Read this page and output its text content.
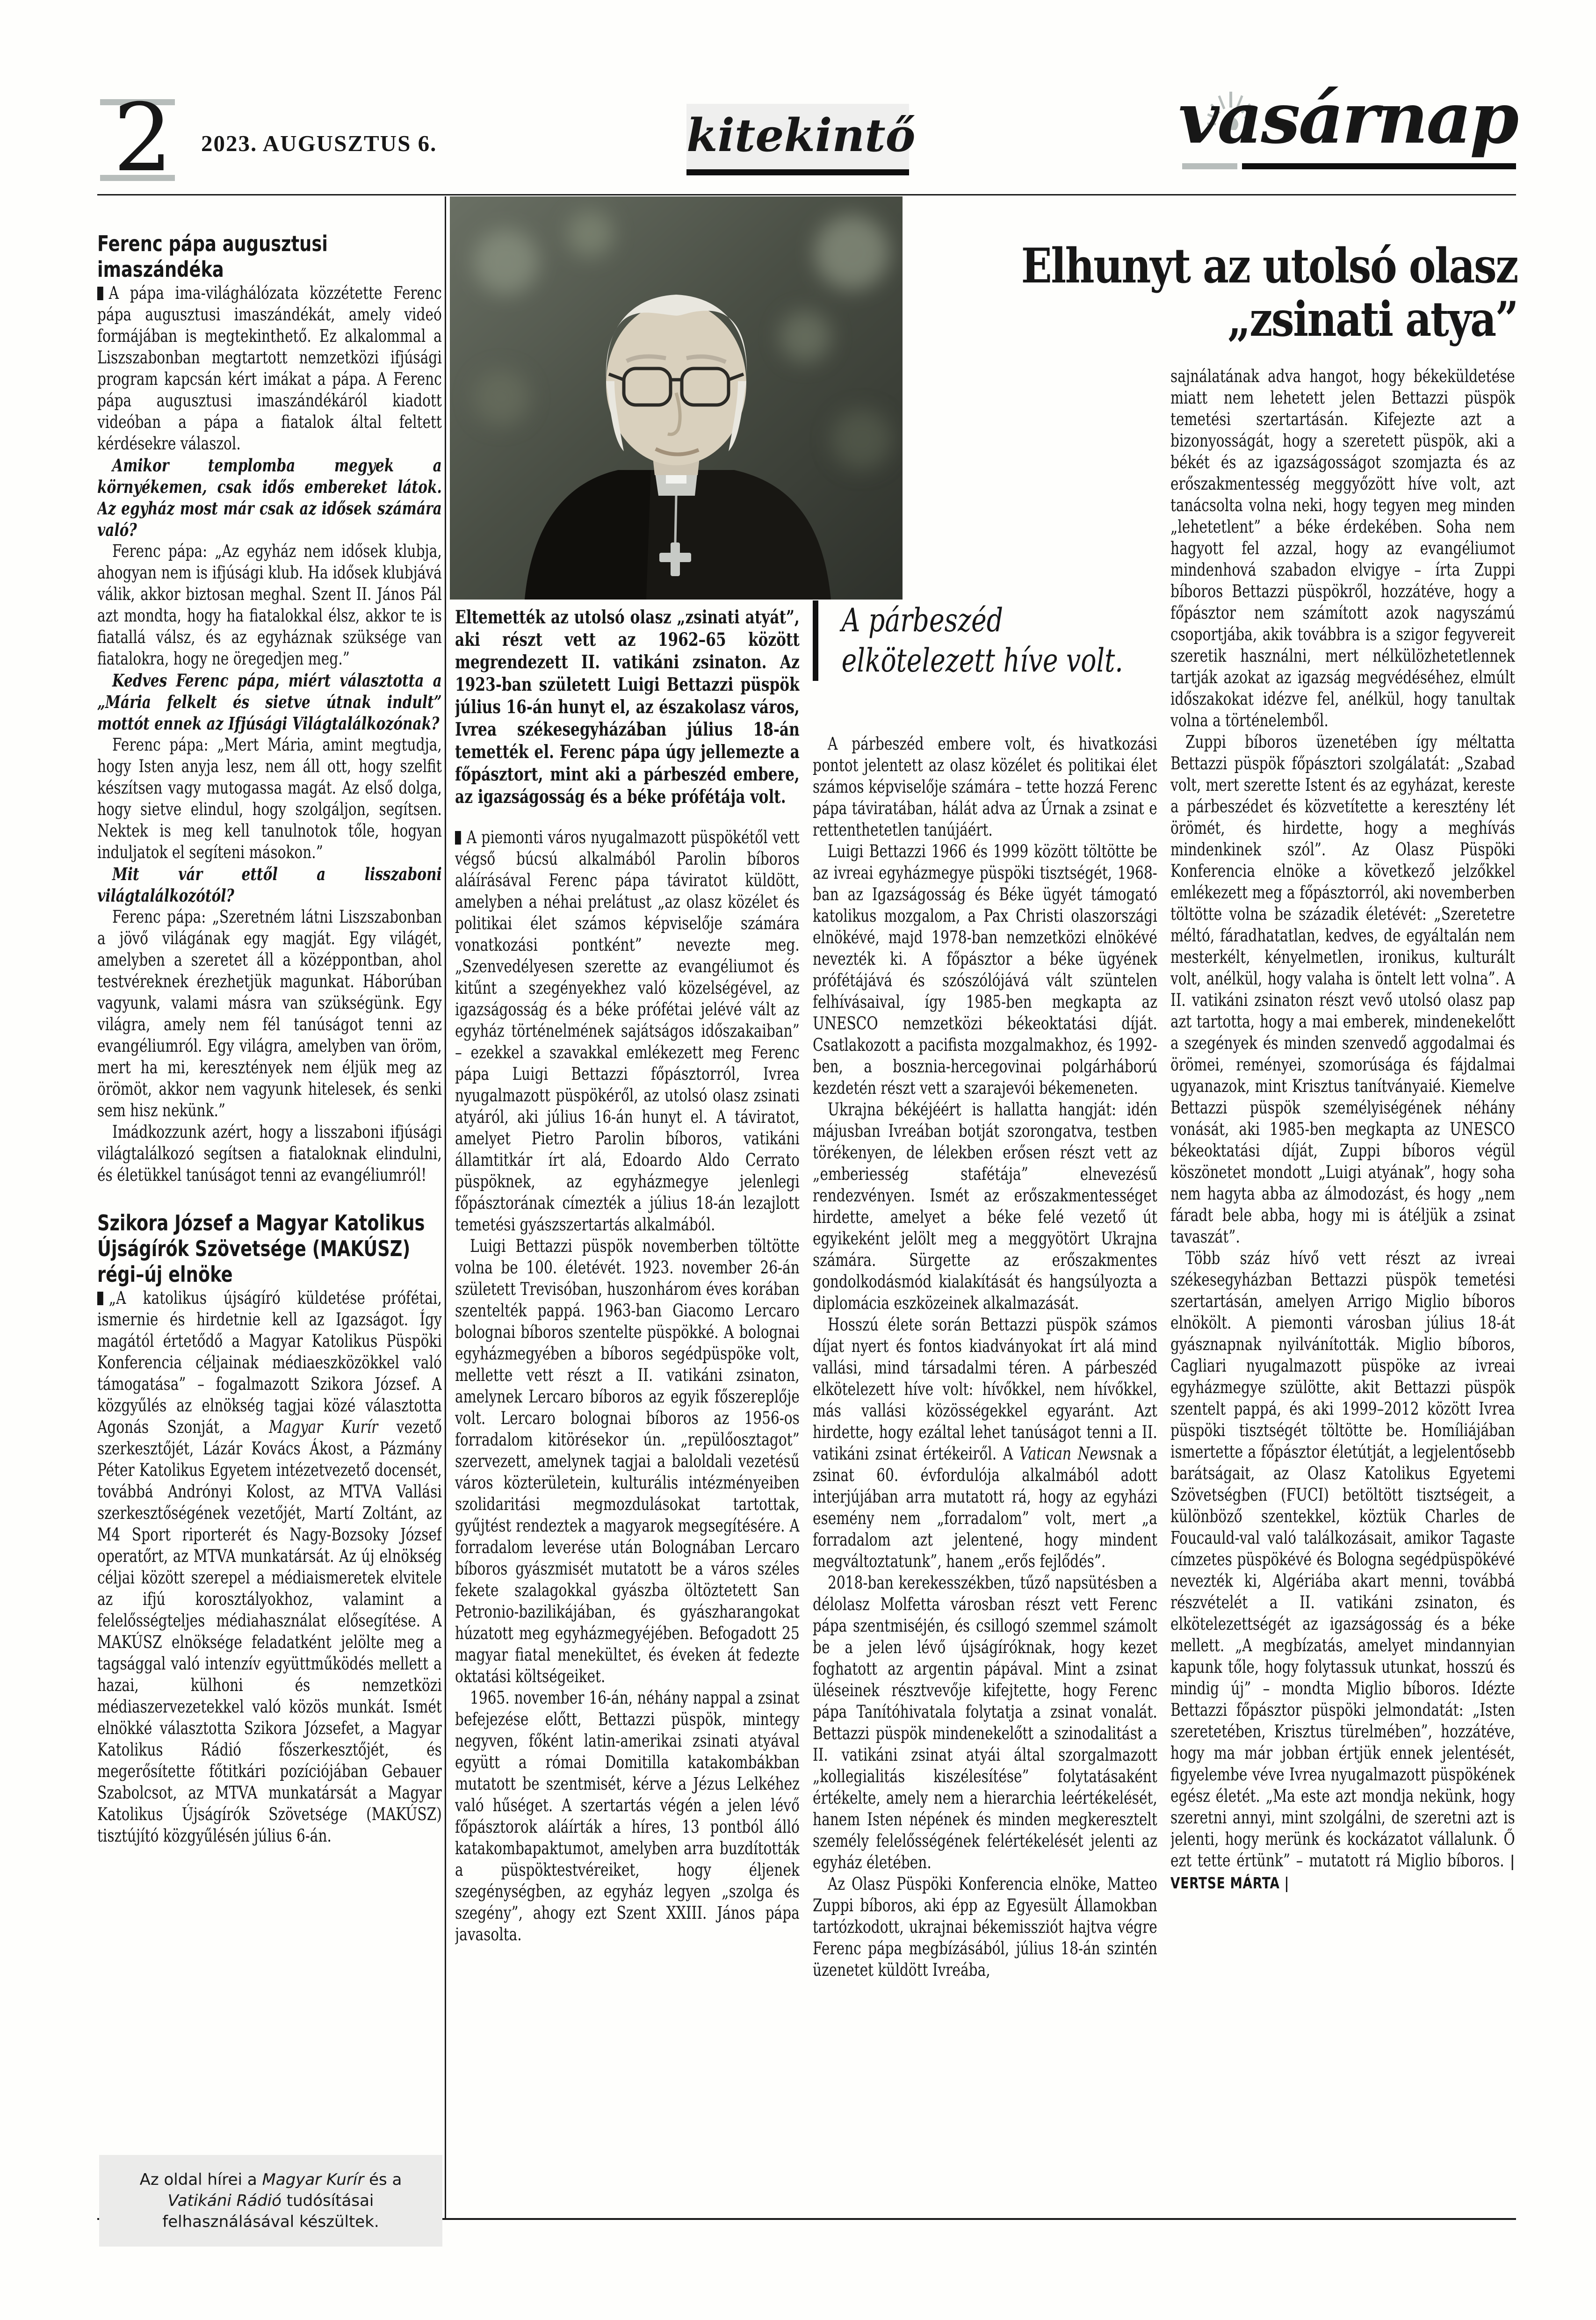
2 2023. AUGUSZTUS 6.	kitekintő	vasárnap
Elhunyt az utolsó olasz
„zsinati atya”

Ferenc pápa augusztusi imaszándéka

A pápa ima-világhálózata közzétette Ferenc pápa augusztusi imaszándékát, amely videó formájában is megtekinthető. Ez alkalommal a Liszszabonban megtartott nemzetközi ifjúsági program kapcsán kért imákat a pápa. A Ferenc pápa augusztusi imaszándékáról kiadott videóban a pápa a fiatalok által feltett kérdésekre válaszol.

Amikor templomba megyek a környékemen, csak idős embereket látok. Az egyház most már csak az idősek számára való?

Ferenc pápa: „Az egyház nem idősek klubja, ahogyan nem is ifjúsági klub. Ha idősek klubjává válik, akkor biztosan meghal. Szent II. János Pál azt mondta, hogy ha fiatalokkal élsz, akkor te is fiatallá válsz, és az egyháznak szüksége van fiatalokra, hogy ne öregedjen meg.”

Kedves Ferenc pápa, miért választotta a „Mária felkelt és sietve útnak indult” mottót ennek az Ifjúsági Világtalálkozónak?

Ferenc pápa: „Mert Mária, amint megtudja, hogy Isten anyja lesz, nem áll ott, hogy szelfit készítsen vagy mutogassa magát. Az első dolga, hogy sietve elindul, hogy szolgáljon, segítsen. Nektek is meg kell tanulnotok tőle, hogyan induljatok el segíteni másokon.”

Mit vár ettől a lisszaboni világtalálkozótól?

Ferenc pápa: „Szeretném látni Liszszabonban a jövő világának egy magját. Egy világét, amelyben a szeretet áll a középpontban, ahol testvéreknek érezhetjük magunkat. Háborúban vagyunk, valami másra van szükségünk. Egy világra, amely nem fél tanúságot tenni az evangéliumról. Egy világra, amelyben van öröm, mert ha mi, keresztények nem éljük meg az örömöt, akkor nem vagyunk hitelesek, és senki sem hisz nekünk.”

Imádkozzunk azért, hogy a lisszaboni ifjúsági világtalálkozó segítsen a fiataloknak elindulni, és életükkel tanúságot tenni az evangéliumról!

Szikora József a Magyar Katolikus Újságírók Szövetsége (MAKÚSZ) régi–új elnöke

„A katolikus újságíró küldetése prófétai, ismernie és hirdetnie kell az Igazságot. Így magától értetődő a Magyar Katolikus Püspöki Konferencia céljainak médiaeszközökkel való támogatása” – fogalmazott Szikora József. A közgyűlés az elnökség tagjai közé választotta Agonás Szonját, a Magyar Kurír vezető szerkesztőjét, Lázár Kovács Ákost, a Pázmány Péter Katolikus Egyetem intézetvezető docensét, továbbá Andrónyi Kolost, az MTVA Vallási szerkesztőségének vezetőjét, Martí Zoltánt, az M4 Sport riporterét és Nagy-Bozsoky József operatőrt, az MTVA munkatársát. Az új elnökség céljai között szerepel a médiaismeretek elvitele az ifjú korosztályokhoz, valamint a felelősségteljes médiahasználat elősegítése. A MAKÚSZ elnöksége feladatként jelölte meg a tagsággal való intenzív együttműködés mellett a hazai, külhoni és nemzetközi médiaszervezetekkel való közös munkát. Ismét elnökké választotta Szikora Józsefet, a Magyar Katolikus Rádió főszerkesztőjét, és megerősítette főtitkári pozíciójában Gebauer Szabolcsot, az MTVA munkatársát a Magyar Katolikus Újságírók Szövetsége (MAKÚSZ) tisztújító közgyűlésén július 6-án.

Az oldal hírei a Magyar Kurír és a Vatikáni Rádió tudósításai felhasználásával készültek.

Eltemették az utolsó olasz „zsinati atyát”, aki részt vett az 1962–65 között megrendezett II. vatikáni zsinaton. Az 1923-ban született Luigi Bettazzi püspök július 16-án hunyt el, az északolasz város, Ivrea székesegyházában július 18-án temették el. Ferenc pápa úgy jellemezte a főpásztort, mint aki a párbeszéd embere, az igazságosság és a béke prófétája volt.

A piemonti város nyugalmazott püspökétől vett végső búcsú alkalmából Parolin bíboros aláírásával Ferenc pápa táviratot küldött, amelyben a néhai prelátust „az olasz közélet és politikai élet számos képviselője számára vonatkozási pontként” nevezte meg. „Szenvedélyesen szerette az evangéliumot és kitűnt a szegényekhez való közelségével, az igazságosság és a béke prófétai jelévé vált az egyház történelmének sajátságos időszakaiban” – ezekkel a szavakkal emlékezett meg Ferenc pápa Luigi Bettazzi főpásztorról, Ivrea nyugalmazott püspökéről, az utolsó olasz zsinati atyáról, aki július 16-án hunyt el. A táviratot, amelyet Pietro Parolin bíboros, vatikáni államtitkár írt alá, Edoardo Aldo Cerrato püspöknek, az egyházmegye jelenlegi főpásztorának címezték a július 18-án lezajlott temetési gyászszertartás alkalmából.

Luigi Bettazzi püspök novemberben töltötte volna be 100. életévét. 1923. november 26-án született Trevisóban, huszonhárom éves korában szentelték pappá. 1963-ban Giacomo Lercaro bolognai bíboros szentelte püspökké. A bolognai egyházmegyében a bíboros segédpüspöke volt, mellette vett részt a II. vatikáni zsinaton, amelynek Lercaro bíboros az egyik főszereplője volt. Lercaro bolognai bíboros az 1956-os forradalom kitörésekor ún. „repülőosztagot” szervezett, amelynek tagjai a baloldali vezetésű város közterületein, kulturális intézményeiben szolidaritási megmozdulásokat tartottak, gyűjtést rendeztek a magyarok megsegítésére. A forradalom leverése után Bolognában Lercaro bíboros gyászmisét mutatott be a város széles fekete szalagokkal gyászba öltöztetett San Petronio-bazilikájában, és gyászharangokat húzatott meg egyházmegyéjében. Befogadott 25 magyar fiatal menekültet, és éveken át fedezte oktatási költségeiket.

1965. november 16-án, néhány nappal a zsinat befejezése előtt, Bettazzi püspök, mintegy negyven, főként latin-amerikai zsinati atyával együtt a római Domitilla katakombákban mutatott be szentmisét, kérve a Jézus Lelkéhez való hűséget. A szertartás végén a jelen lévő főpásztorok aláírták a híres, 13 pontból álló katakombapaktumot, amelyben arra buzdították a püspöktestvéreiket, hogy éljenek szegénységben, az egyház legyen „szolga és szegény”, ahogy ezt Szent XXIII. János pápa javasolta.

A párbeszéd
elkötelezett híve volt.

A párbeszéd embere volt, és hivatkozási pontot jelentett az olasz közélet és politikai élet számos képviselője számára – tette hozzá Ferenc pápa táviratában, hálát adva az Úrnak a zsinat e rettenthetetlen tanújáért.

Luigi Bettazzi 1966 és 1999 között töltötte be az ivreai egyházmegye püspöki tisztségét, 1968-ban az Igazságosság és Béke ügyét támogató katolikus mozgalom, a Pax Christi olaszországi elnökévé, majd 1978-ban nemzetközi elnökévé nevezték ki. A főpásztor a béke ügyének prófétájává és szószólójává vált szüntelen felhívásaival, így 1985-ben megkapta az UNESCO nemzetközi békeoktatási díját. Csatlakozott a pacifista mozgalmakhoz, és 1992-ben, a bosznia-hercegovinai polgárháború kezdetén részt vett a szarajevói békemeneten.

Ukrajna békéjéért is hallatta hangját: idén májusban Ivreában botját szorongatva, testben törékenyen, de lélekben erősen részt vett az „emberiesség stafétája” elnevezésű rendezvényen. Ismét az erőszakmentességet hirdette, amelyet a béke felé vezető út egyikeként jelölt meg a meggyötört Ukrajna számára. Sürgette az erőszakmentes gondolkodásmód kialakítását és hangsúlyozta a diplomácia eszközeinek alkalmazását.

Hosszú élete során Bettazzi püspök számos díjat nyert és fontos kiadványokat írt alá mind vallási, mind társadalmi téren. A párbeszéd elkötelezett híve volt: hívőkkel, nem hívőkkel, más vallási közösségekkel egyaránt. Azt hirdette, hogy ezáltal lehet tanúságot tenni a II. vatikáni zsinat értékeiről. A Vatican Newsnak a zsinat 60. évfordulója alkalmából adott interjújában arra mutatott rá, hogy az egyházi esemény nem „forradalom” volt, mert „a forradalom azt jelentené, hogy mindent megváltoztatunk”, hanem „erős fejlődés”.

2018-ban kerekesszékben, tűző napsütésben a délolasz Molfetta városban részt vett Ferenc pápa szentmiséjén, és csillogó szemmel számolt be a jelen lévő újságíróknak, hogy kezet foghatott az argentin pápával. Mint a zsinat üléseinek résztvevője kifejtette, hogy Ferenc pápa Tanítóhivatala folytatja a zsinat vonalát. Bettazzi püspök mindenekelőtt a szinodalitást a II. vatikáni zsinat atyái által szorgalmazott „kollegialitás kiszélesítése” folytatásaként értékelte, amely nem a hierarchia leértékelését, hanem Isten népének és minden megkeresztelt személy felelősségének felértékelését jelenti az egyház életében.

Az Olasz Püspöki Konferencia elnöke, Matteo Zuppi bíboros, aki épp az Egyesült Államokban tartózkodott, ukrajnai békemissziót hajtva végre Ferenc pápa megbízásából, július 18-án szintén üzenetet küldött Ivreába,

sajnálatának adva hangot, hogy békeküldetése miatt nem lehetett jelen Bettazzi püspök temetési szertartásán. Kifejezte azt a bizonyosságát, hogy a szeretett püspök, aki a békét és az igazságosságot szomjazta és az erőszakmentesség meggyőzött híve volt, azt tanácsolta volna neki, hogy tegyen meg minden „lehetetlent” a béke érdekében. Soha nem hagyott fel azzal, hogy az evangéliumot mindenhová szabadon elvigye – írta Zuppi bíboros Bettazzi püspökről, hozzátéve, hogy a főpásztor nem számított azok nagyszámú csoportjába, akik továbbra is a szigor fegyvereit szeretik használni, mert nélkülözhetetlennek tartják azokat az igazság megvédéséhez, elmúlt időszakokat idézve fel, anélkül, hogy tanultak volna a történelemből.

Zuppi bíboros üzenetében így méltatta Bettazzi püspök főpásztori szolgálatát: „Szabad volt, mert szerette Istent és az egyházat, kereste a párbeszédet és közvetítette a keresztény lét örömét, és hirdette, hogy a meghívás mindenkinek szól”. Az Olasz Püspöki Konferencia elnöke a következő jelzőkkel emlékezett meg a főpásztorról, aki novemberben töltötte volna be századik életévét: „Szeretetre méltó, fáradhatatlan, kedves, de egyáltalán nem mesterkélt, kényelmetlen, ironikus, kulturált volt, anélkül, hogy valaha is öntelt lett volna”. A II. vatikáni zsinaton részt vevő utolsó olasz pap azt tartotta, hogy a mai emberek, mindenekelőtt a szegények és minden szenvedő aggodalmai és örömei, reményei, szomorúsága és fájdalmai ugyanazok, mint Krisztus tanítványaié. Kiemelve Bettazzi püspök személyiségének néhány vonását, aki 1985-ben megkapta az UNESCO békeoktatási díját, Zuppi bíboros végül köszönetet mondott „Luigi atyának”, hogy soha nem hagyta abba az álmodozást, és hogy „nem fáradt bele abba, hogy mi is átéljük a zsinat tavaszát”.

Több száz hívő vett részt az ivreai székesegyházban Bettazzi püspök temetési szertartásán, amelyen Arrigo Miglio bíboros elnökölt. A piemonti városban július 18-át gyásznapnak nyilvánították. Miglio bíboros, Cagliari nyugalmazott püspöke az ivreai egyházmegye szülötte, akit Bettazzi püspök szentelt pappá, és aki 1999–2012 között Ivrea püspöki tisztségét töltötte be. Homíliájában ismertette a főpásztor életútját, a legjelentősebb barátságait, az Olasz Katolikus Egyetemi Szövetségben (FUCI) betöltött tisztségeit, a különböző szentekkel, köztük Charles de Foucauld-val való találkozásait, amikor Tagaste címzetes püspökévé és Bologna segédpüspökévé nevezték ki, Algériába akart menni, továbbá részvételét a II. vatikáni zsinaton, és elkötelezettségét az igazságosság és a béke mellett. „A megbízatás, amelyet mindannyian kapunk tőle, hogy folytassuk utunkat, hosszú és mindig új” – mondta Miglio bíboros. Idézte Bettazzi főpásztor püspöki jelmondatát: „Isten szeretetében, Krisztus türelmében”, hozzátéve, hogy ma már jobban értjük ennek jelentését, figyelembe véve Ivrea nyugalmazott püspökének egész életét. „Ma este azt mondja nekünk, hogy szeretni annyi, mint szolgálni, de szeretni azt is jelenti, hogy merünk és kockázatot vállalunk. Ő ezt tette értünk” – mutatott rá Miglio bíboros. | VERTSE MÁRTA |
